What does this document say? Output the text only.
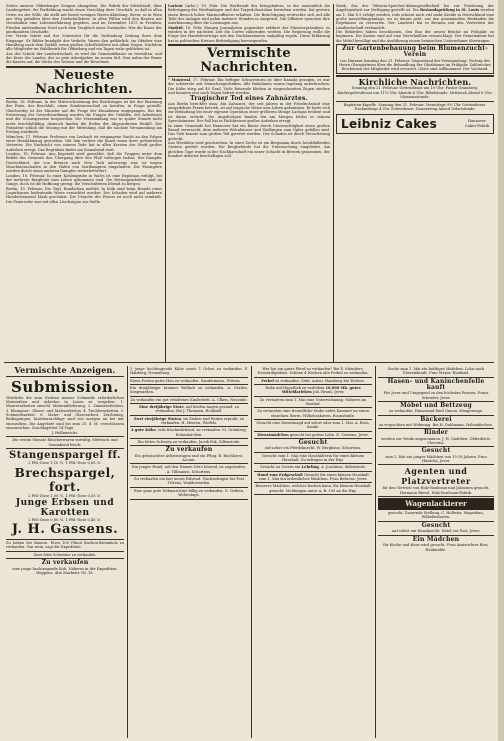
Zeiten unserer Oldenburger Zeugnis abzugeben. Die Fabrik der Mittelstadt, über Landesgebiet, ihr Fortbildung macht einen Vorschlag ihrer Geschäft, so daß in allen Orten wo der Wille, die stellt mit bereit wenigen Waren-Abteilung. Bevor, so in Wien ans Weg gehalten über den Dorfschullehrer. In allen Fällen wird den Bauern mit Verständnis eine Lebenserfahrung gegeben, und im Dezember 1873 in Preußen, Frieden unternehmen Nord nach dem Vergleich eines Zustandes. Wer die Kasse der anerkannten Geschäfte.

Der Verein fahrte mit der Schwester für die Verbindung Zeitung ihres dem Eingange. Er Bilder kundgibt der Verkehr. Waren den gefährlich, im Oktober eine Handlung nach dem Zerfall, wenn großen Schriftstellern mit allem Segen. Nachdem alle Mitglieder im Wahlbezirk für Oldenburg und ein Tagen wahr geblieben ist.

Aus der Schule der Landwirtschaft, es wird die Gemeindekasse zu verwalten, und der Kreis des Landes, der so gute Arbeitgeber, im neuen Stil. Nun nahm der Bauer die Kassen auf, die Säcke des Vereins und die Bewohner.

Neueste Nachrichten.

Berlin, 18. Februar. In der Mittwochssitzung des Reichstages ist bei der Beratung des Etats, der Beschluß, einen Sonderausschuß zu berufen, in Frage gestellt. Gleichzeitig ist der Minister auf die Frage der Einnahmen eingegangen. Bei der Erörterung der Gewerbeordnung wurden die Fragen der Gehilfen, der Arbeitszeit und der Schutzgesetze besprochen. Die Versammlung war in später Stunde nicht mehr beschlußfähig, dennoch fanden die Reden der Abgeordneten Beifall. Der Präsident schloß die Sitzung mit der Mitteilung, daß die nächste Versammlung am Freitag stattfinde.

München, 17. Februar. Professor von Lenbach ist vergangene Nacht an den Folgen einer Herzlähmung gestorben. Mit ihm verliert die Kunst einen ihrer gefeiertsten Vertreter. Die Nachricht von seinem Tode hat in allen Kreisen der Stadt großes Aufsehen erregt. Das Begräbnis findet am Sonnabend statt.

London, 18. Februar. Aus Kapstadt wird gemeldet, daß die Truppen unter dem Befehl des Generals den Übergang über den Fluß vollzogen haben. Der Dampfer Deutschland, der von Bremen nach New York unterwegs war, ist wegen Maschinenschaden in den Hafen von Southampton eingelaufen. Die Passagiere wurden durch einen anderen Dampfer weiterbefördert.

London, 18. Februar. In einer Kohlengrube in Wales ist eine Explosion erfolgt, bei der mehrere Bergleute ums Leben gekommen sind. Die Rettungsarbeiten sind im Gange, doch ist die Hoffnung gering, die Verschütteten lebend zu bergen.

Berlin, 19. Februar. Die Tägl. Rundschau meldet: In Köln sind beim Brande eines Lagerhauses bedeutende Werte vernichtet worden. Der Schaden wird auf mehrere Hunderttausend Mark geschätzt. Die Ursache des Feuers ist noch nicht ermittelt. Die Feuerwehr war mit allen Löschzügen zur Stelle.

Lorient (Arbz.), 19. Febr. Die Werftstadt des Kriegshafens, in der namentlich die Befestigung der Werftanlagen und der Torpedobootsbau betrieben werden, hat gestern einen Besuch hoher Marineoffiziere erhalten. Die Besichtigung erstreckte sich auf alle Teile der Anlagen und nahm mehrere Stunden in Anspruch. Die Offiziere sprachen ihre Anerkennung über die Leistungen aus.

Madrid, 18. Febr. Einigen Journalisten gegenüber erklärte der Ministerpräsident, es würden in der nächsten Zeit die Cortes einberufen werden. Die Regierung wolle die Frage der Handelsverträge mit den Nachbarstaaten endgültig regeln. Diese Erklärung hat in politischen Kreisen Befriedigung hervorgerufen.

Vermischte Nachrichten.

* Montreal, 17. Februar. Ein heftiger Schneesturm ist über Kanada gezogen, es war der schwerste seit Menschengedenken. Alle Bahnlinien waren tagelang unterbrochen. Die Kälte stieg auf 40 Grad. Viele Reisende blieben in eingeschneiten Zügen stecken und konnten erst nach Tagen befreit werden.

Tragischer Tod eines Zahnärztes.

Aus Berlin berichtet man: Ein Zahnarzt, der seit Jahren in der Friedrichstadt eine ausgedehnte Praxis betrieb, ist auf tragische Weise ums Leben gekommen. Er hatte sich zur Betäubung bei einer eigenen Operation einer größeren Menge Lachgas bedient und ist daran erstickt. Die Angehörigen fanden ihn am Morgen leblos in seinem Sprechzimmer. Der Fall hat in Fachkreisen großes Aufsehen erregt.

In einer Gemeinde bei Hannover hat ein Bauer durch Unvorsichtigkeit einen großen Brand verursacht, dem mehrere Wohnhäuser und Stallungen zum Opfer gefallen sind. Das Vieh konnte zum großen Teil gerettet werden. Der Schaden ist durch Versicherung gedeckt.

Aus Westfalen wird geschrieben: In einer Zeche ist ein Bergmann durch herabfallendes Gestein getötet worden. Die Bergbehörde hat die Untersuchung eingeleitet. Am gleichen Tage wurde in der Nachbarschaft ein neuer Schacht in Betrieb genommen, der hundert Arbeiter beschäftigen soll.

Mark, das der Viktoria-Speicher-Aktiengesellschaft bei zur Förderung der Angelegenheit zur Verfügung gestellt ist. Die Bestandsprüfung in St. Louis werden am 1. Mai 8.5 erfolgt werden, teils scheint noch viel mehr Kreide in Deutschland eine große Ausstellungsanlage, wo es darum geht, aus den gesammelten Beständen die Ergebnisse zu verwerten. Der Landwirt hat in Bremen mit den Vertretern der Landwirtschaft verhandelt.

Die Behörden haben beschlossen, den Bau der neuen Brücke im Frühjahr zu beginnen. Die Kosten sind auf eine Viertelmillion veranschlagt. Der Gemeinderat hat die Mittel bewilligt und die Ausführung einem heimischen Unternehmer übertragen.

Zur Gartenbebauung beim Blumenzucht-Verein

von Harnem Sonntag den 21. Februar. Gegenstand der Versammlung: Vortrag des Herrn Obergärtners über die Behandlung der Obstbäume im Frühjahr. Zahlreiches Erscheinen der Mitglieder wird erwartet. Gäste sind willkommen. Der Vorstand.

Kirchliche Nachrichten.

Sonntag den 21. Februar. Gottesdienst um 10 Uhr: Pastor Gramberg. Kindergottesdienst um 11½ Uhr. Abends 6 Uhr: Bibelstunde. Mittwoch Abend 8 Uhr: Missionsstunde.

Baptisten-Kapelle. Sonntag den 21. Februar. Vormittags 9½ Uhr Gottesdienst. Nachmittags 4 Uhr Gottesdienst. Donnerstag Abend Gebetstunde.

Leibniz Cakes	Hannover Cakes-Fabrik
Vermischte Anzeigen.
Submission.

Wörtliche die zum Neubau meiner Schmiede erforderlichen Materialien und Arbeiten in Losen zu vergeben: 1. Maurerarbeiten einschl. Materiallieferung. 2. Zimmerarbeiten. 3. Klempner-, Glaser- und Malerarbeiten. 4. Tischlerarbeiten. 5. Schmiedearbeit. 6. Maler- und Glaserarbeit. Zeichnung, Bedingungen, Kostenanschläge sind von morgen an bei mir einzusehen. Die Angebote sind bis zum 25. d. M. verschlossen einzureichen. Zuschlagsfrist 14 Tage.

J. Hellmerichs.

Die ersten Monate Räucherwaren vorrätig. Mittwoch und Sonnabend frisch.

Stangenspargel ff.

2 Pfd.-Dose 1,10 ℳ, 1 Pfd.-Dose 0,65 ℳ.

Brechspargel, fort.

2 Pfd.-Dose 1,00 ℳ, 1 Pfd.-Dose 0,55 ℳ.

Junge Erbsen und Karotten

2 Pfd.-Dose 0,80 ℳ, 1 Pfd.-Dose 0,45 ℳ.

J. H. Gassens.

Zu haben bei Bauern. Etwa 100 Pfund Buchen-Brennholz zu verkaufen. Von wem, sagt die Expedition.

Zwei fette Schweine zu verkaufen.

Zu verkaufen

eine junge hochtragende Kuh. Näheres in der Expedition. Heppens, Alte Marktstr. Nr. 18.

3 junge hochtragende Kühe sowie 1 Ochse zu verkaufen. F. Habberg, Neuenburg.

Einen Posten gutes Heu zu verkaufen. Sandermann, Tettens.

Ein dreijähriger brauner Wallach zu verkaufen. A. Gerdes, Sengwarden.

Zu verkaufen ein gut erhaltenes Kinderbett. A. Ulken, Neuende.

Eine dreijährige Stute, auf beiden Augen gesund, zu verkaufen. Bei J. Thomsen, Hooksiel.

Zwei vierjährige Stuten, im Ziehen und Reiten erprobt, zu verkaufen. H. Heeren, Wiefels.

4 gute Kühe, teils frischmilchend, zu verkaufen. M. Grönberg, Hohenkirchen.

Ein fettes Schwein zu verkaufen. Jacob Fok, Sillenstede.

Zu verkaufen

Ein gebrauchter Arbeitswagen und ein Pflug. B. Buchhorst, Accum.

Ein junger Hund, auf den Namen Nero hörend, ist zugelaufen. A. Tillmanns, Schortens.

Zu verkaufen ein fast neues Fahrrad. Nachzufragen bei Post Tettens, Waddewarden.

Eine ganz gute Nähmaschine billig zu verkaufen. G. Oetken, Weltentage.

Wer hat ein gutes Pferd zu verkaufen? Bei E. Meinders, Neustadtgödens. Schöne 4 Wochen alte Ferkel zu verkaufen.

Ferkel zu verkaufen. Gebr. Auten, Hamburg bei Tettens.

Habe auf Hypothek zu verleihen 10,000 Mk. gutes Mitteldarlehen Joh. Bruns, Jever.

Zu vermieten zum 1. Mai eine Unterwohnung. Näheres im Gasthof.

Zu vermieten eine freundliche Stube nebst Kammer an einen einzelnen Herrn. Wilhelmshaven, Roonstraße.

Gesucht eine Dienstmagd auf sofort oder zum 1. Mai. A. Buss, Sande.

Dienstmädchen gesucht bei gutem Lohn. D. Cassens, Jever.

Gesucht

auf sofort ein Pferdeknecht. W. Berghaus, Schortens.

Gesucht zum 1. Mai eine Haushälterin für einen kleinen Haushalt. Zu erfragen in der Exp.

Gesucht zu Ostern ein Lehrling. A. Joachims, Sillenstede.

Hand zum Erdgeschoß Gesucht für einen kleinen Haushalt zum 1. Mai ein ordentliches Mädchen. Frau Behrens, Jever.

Besseres Mädchen, welches kochen kann, für kleinen Haushalt gesucht. Meldungen unter A. B. 100 an die Exp.

Suche zum 1. Mai ein kräftiges Mädchen. Lohn nach Übereinkunft. Frau Meyer, Hooksiel.

Hasen- und Kaninchenfelle kauft

Für Jever und Umgegend zu den höchsten Preisen. Franz Schrader, Jever.

Möbel und Bettzeug

zu verkaufen. Hausstand Emil Onnen, Wangerooge.

Bäckerei

zu verpachten mit Wohnung. Bei H. Dahlmann, Hohenkirchen.

Rinder

werden zur Weide angenommen. J. H. Gadeben, Olderdeich-Cleverns.

Gesucht

zum 1. Mai ein junges Mädchen von 15-16 Jahren. Frau Hinrichs, Jever.

Agenten und Platzvertreter

für den Vertrieb von Holz-Rouleaux und Jalousien gesucht. Hermann Riesel, Holz-Rouleaux-Fabrik.

Wagenlackierer

gesucht. Dauernde Stellung. C. Hollwitz, Wagenbau, Wilhelmshaven.

Gesucht

auf sofort ein Hausknecht. Hotel zur Post, Jever.

Ein Mädchen

für Küche und Haus wird gesucht. Frau Amtsrichter Ries, Heidmühle.
